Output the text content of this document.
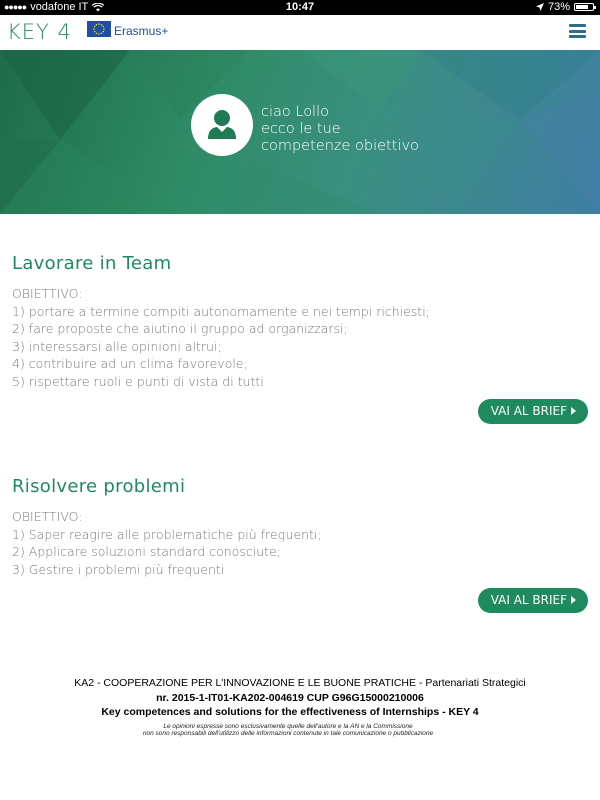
●●●●● vodafone IT	10:47	73%
KEY 4	Erasmus+
ciao Lollo
ecco le tue
competenze obiettivo
Lavorare in Team
OBIETTIVO:
1) portare a termine compiti autonomamente e nei tempi richiesti;
2) fare proposte che aiutino il gruppo ad organizzarsi;
3) interessarsi alle opinioni altrui;
4) contribuire ad un clima favorevole;
5) rispettare ruoli e punti di vista di tutti
VAI AL BRIEF
Risolvere problemi
OBIETTIVO:
1) Saper reagire alle problematiche più frequenti;
2) Applicare soluzioni standard conosciute;
3) Gestire i problemi più frequenti
VAI AL BRIEF
KA2 - COOPERAZIONE PER L'INNOVAZIONE E LE BUONE PRATICHE - Partenariati Strategici
nr. 2015-1-IT01-KA202-004619 CUP G96G15000210006
Key competences and solutions for the effectiveness of Internships - KEY 4
Le opinioni espresse sono esclusivamente quelle dell'autore e la AN e la Commissione
non sono responsabili dell'utilizzo delle informazioni contenute in tale comunicazione o pubblicazione
